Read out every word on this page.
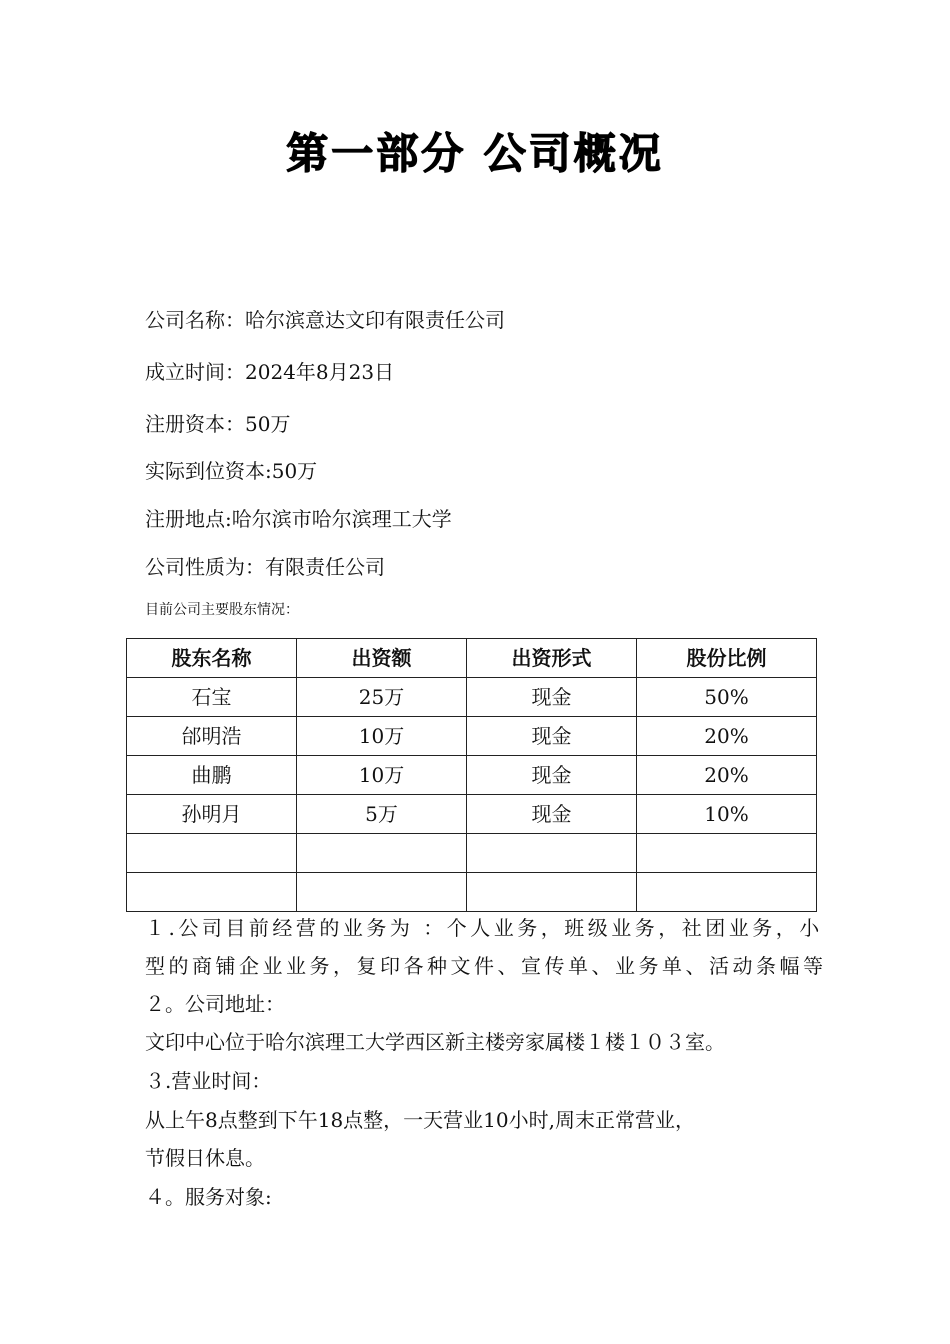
第一部分 公司概况
公司名称：哈尔滨意达文印有限责任公司
成立时间：2024年8月23日
注册资本：50万
实际到位资本:50万
注册地点:哈尔滨市哈尔滨理工大学
公司性质为：有限责任公司
目前公司主要股东情况：
股东名称	出资额	出资形式	股份比例
石宝	25万	现金	50%
邰明浩	10万	现金	20%
曲鹏	10万	现金	20%
孙明月	5万	现金	10%

１.公司目前经营的业务为 ：个人业务，班级业务，社团业务，小
型的商铺企业业务，复印各种文件、宣传单、业务单、活动条幅等
２。公司地址：
文印中心位于哈尔滨理工大学西区新主楼旁家属楼１楼１０３室。
３.营业时间：
从上午8点整到下午18点整，一天营业10小时,周末正常营业，
节假日休息。
４。服务对象:
